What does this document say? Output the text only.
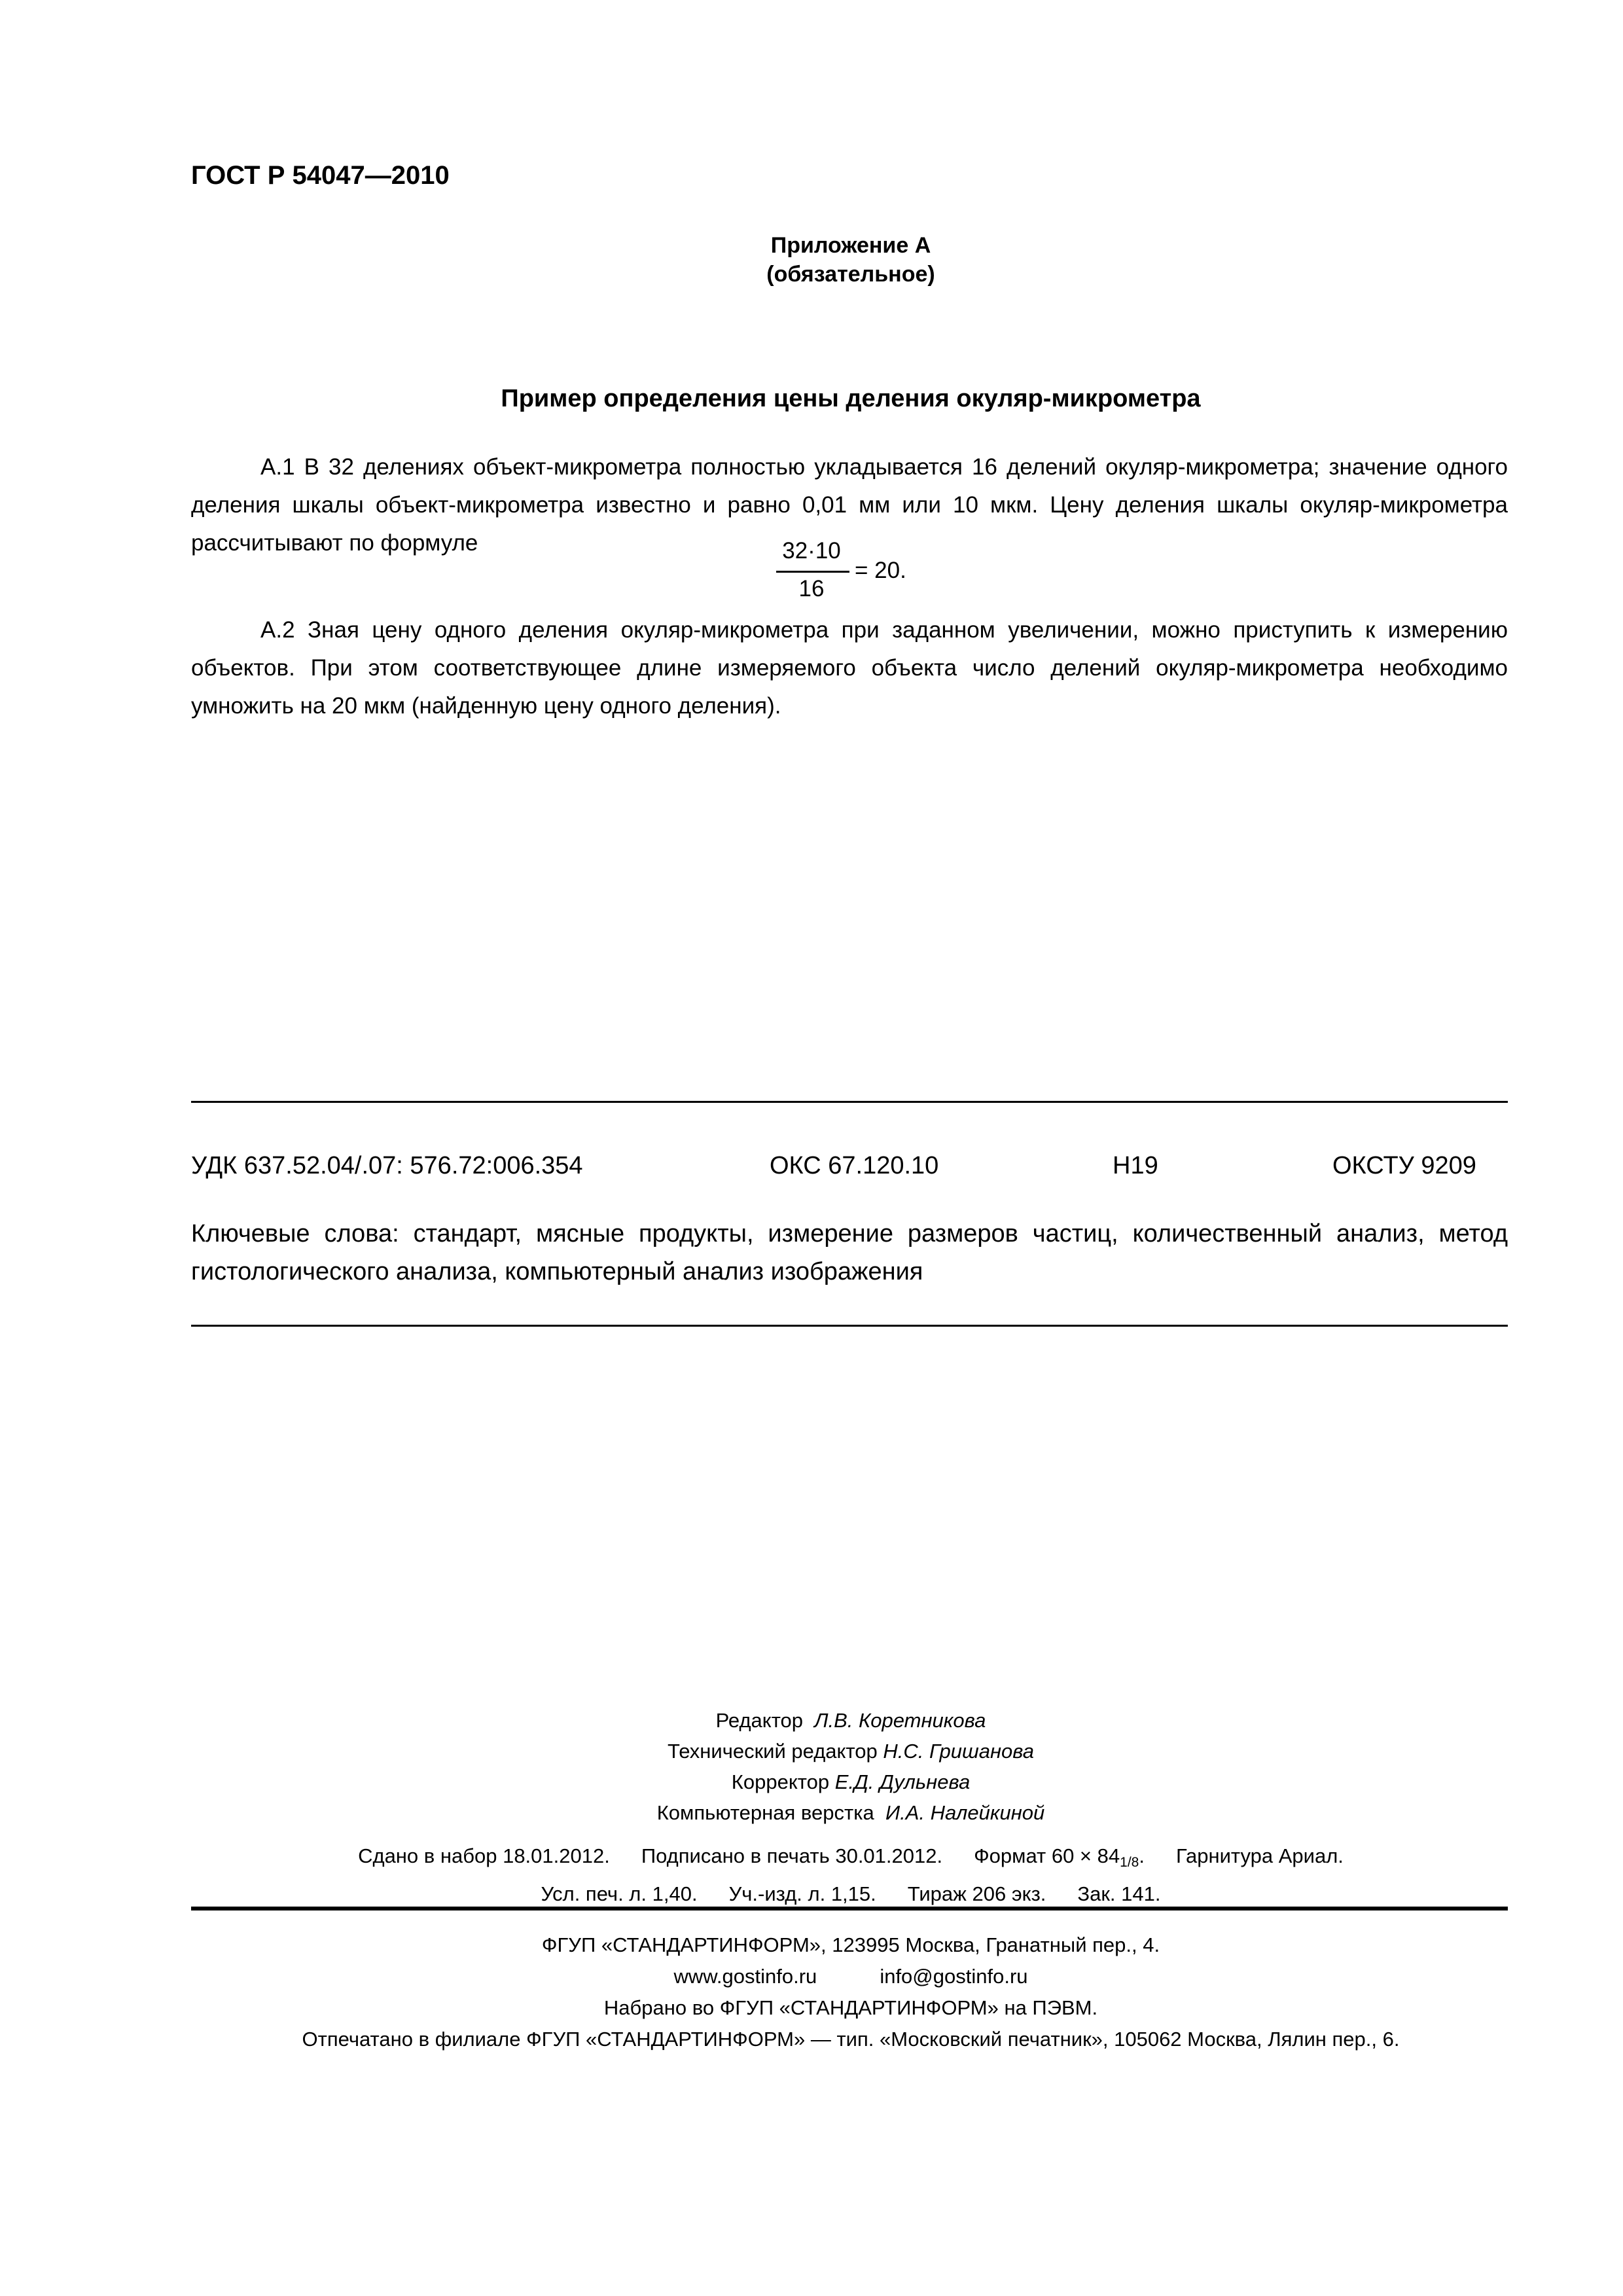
ГОСТ Р 54047—2010
Приложение А
(обязательное)
Пример определения цены деления окуляр-микрометра
А.1 В 32 делениях объект-микрометра полностью укладывается 16 делений окуляр-микрометра; значение одного деления шкалы объект-микрометра известно и равно 0,01 мм или 10 мкм. Цену деления шкалы окуляр-микрометра рассчитывают по формуле	32·10
16
= 20.
А.2 Зная цену одного деления окуляр-микрометра при заданном увеличении, можно приступить к измерению объектов. При этом соответствующее длине измеряемого объекта число делений окуляр-микрометра необходимо умножить на 20 мкм (найденную цену одного деления).
УДК 637.52.04/.07: 576.72:006.354	ОКС 67.120.10	Н19	ОКСТУ 9209
Ключевые слова: стандарт, мясные продукты, измерение размеров частиц, количественный анализ, метод гистологического анализа, компьютерный анализ изображения
Редактор Л.В. Коретникова
Технический редактор Н.С. Гришанова
Корректор Е.Д. Дульнева
Компьютерная верстка И.А. Налейкиной
Сдано в набор 18.01.2012. Подписано в печать 30.01.2012. Формат $60 \times 84_{1/8}$. Гарнитура Ариал.
Усл. печ. л. 1,40. Уч.-изд. л. 1,15. Тираж 206 экз. Зак. 141.
ФГУП «СТАНДАРТИНФОРМ», 123995 Москва, Гранатный пер., 4.
www.gostinfo.ru	info@gostinfo.ru
Набрано во ФГУП «СТАНДАРТИНФОРМ» на ПЭВМ.
Отпечатано в филиале ФГУП «СТАНДАРТИНФОРМ» — тип. «Московский печатник», 105062 Москва, Лялин пер., 6.
